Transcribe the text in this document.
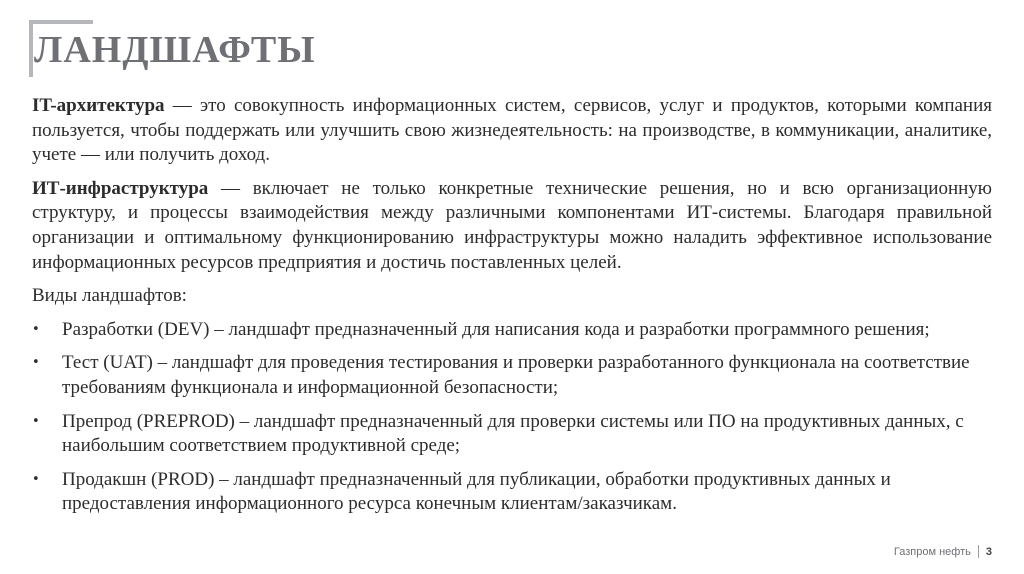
ЛАНДШАФТЫ

IT-архитектура — это совокупность информационных систем, сервисов, услуг и продуктов, которыми компания пользуется, чтобы поддержать или улучшить свою жизнедеятельность: на производстве, в коммуникации, аналитике, учете — или получить доход.

ИТ-инфраструктура — включает не только конкретные технические решения, но и всю организационную структуру, и процессы взаимодействия между различными компонентами ИТ-системы. Благодаря правильной организации и оптимальному функционированию инфраструктуры можно наладить эффективное использование информационных ресурсов предприятия и достичь поставленных целей.

Виды ландшафтов:

•	Разработки (DEV) – ландшафт предназначенный для написания кода и разработки программного решения;
•	Тест (UAT) – ландшафт для проведения тестирования и проверки разработанного функционала на соответствие требованиям функционала и информационной безопасности;
•	Препрод (PREPROD) – ландшафт предназначенный для проверки системы или ПО на продуктивных данных, с наибольшим соответствием продуктивной среде;
•	Продакшн (PROD) – ландшафт предназначенный для публикации, обработки продуктивных данных и предоставления информационного ресурса конечным клиентам/заказчикам.
Газпром нефть 3
